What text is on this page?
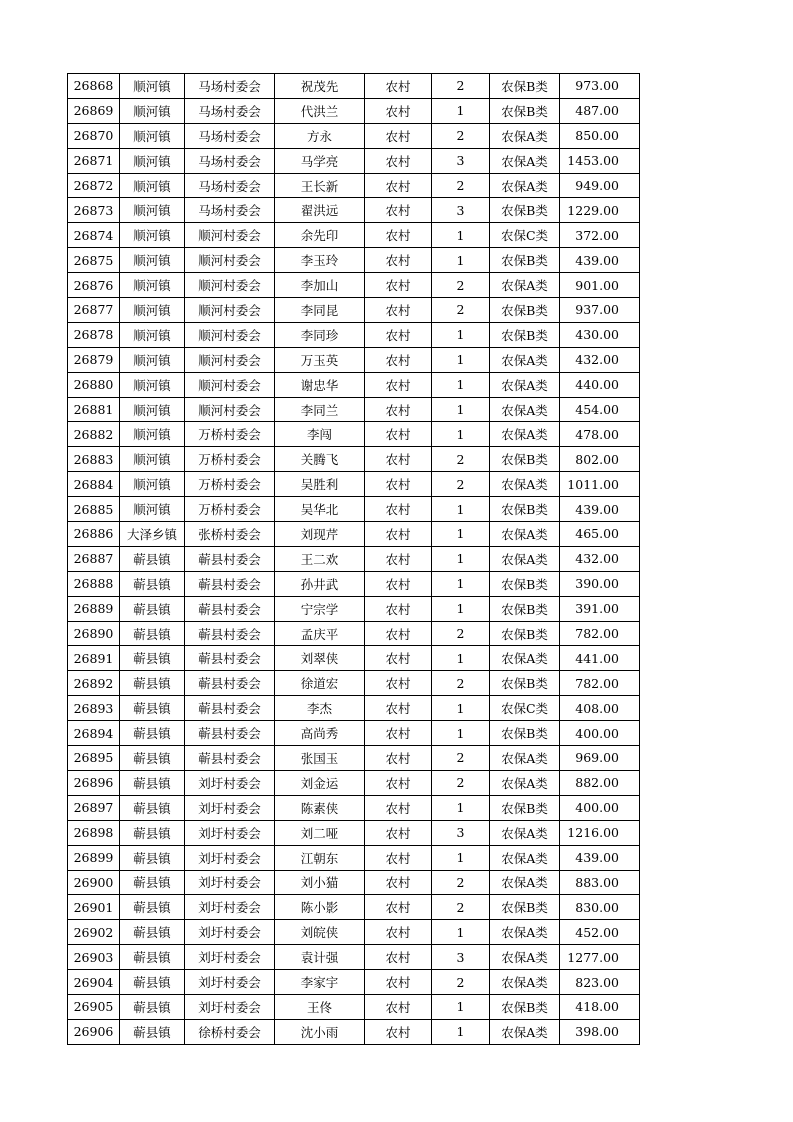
26868	顺河镇	马场村委会	祝茂先	农村	2	农保B类	973.00
26869	顺河镇	马场村委会	代洪兰	农村	1	农保B类	487.00
26870	顺河镇	马场村委会	方永	农村	2	农保A类	850.00
26871	顺河镇	马场村委会	马学亮	农村	3	农保A类	1453.00
26872	顺河镇	马场村委会	王长新	农村	2	农保A类	949.00
26873	顺河镇	马场村委会	翟洪远	农村	3	农保B类	1229.00
26874	顺河镇	顺河村委会	余先印	农村	1	农保C类	372.00
26875	顺河镇	顺河村委会	李玉玲	农村	1	农保B类	439.00
26876	顺河镇	顺河村委会	李加山	农村	2	农保A类	901.00
26877	顺河镇	顺河村委会	李同昆	农村	2	农保B类	937.00
26878	顺河镇	顺河村委会	李同珍	农村	1	农保B类	430.00
26879	顺河镇	顺河村委会	万玉英	农村	1	农保A类	432.00
26880	顺河镇	顺河村委会	谢忠华	农村	1	农保A类	440.00
26881	顺河镇	顺河村委会	李同兰	农村	1	农保A类	454.00
26882	顺河镇	万桥村委会	李闯	农村	1	农保A类	478.00
26883	顺河镇	万桥村委会	关腾飞	农村	2	农保B类	802.00
26884	顺河镇	万桥村委会	吴胜利	农村	2	农保A类	1011.00
26885	顺河镇	万桥村委会	吴华北	农村	1	农保B类	439.00
26886	大泽乡镇	张桥村委会	刘现芹	农村	1	农保A类	465.00
26887	蕲县镇	蕲县村委会	王二欢	农村	1	农保A类	432.00
26888	蕲县镇	蕲县村委会	孙井武	农村	1	农保B类	390.00
26889	蕲县镇	蕲县村委会	宁宗学	农村	1	农保B类	391.00
26890	蕲县镇	蕲县村委会	孟庆平	农村	2	农保B类	782.00
26891	蕲县镇	蕲县村委会	刘翠侠	农村	1	农保A类	441.00
26892	蕲县镇	蕲县村委会	徐道宏	农村	2	农保B类	782.00
26893	蕲县镇	蕲县村委会	李杰	农村	1	农保C类	408.00
26894	蕲县镇	蕲县村委会	高尚秀	农村	1	农保B类	400.00
26895	蕲县镇	蕲县村委会	张国玉	农村	2	农保A类	969.00
26896	蕲县镇	刘圩村委会	刘金运	农村	2	农保A类	882.00
26897	蕲县镇	刘圩村委会	陈素侠	农村	1	农保B类	400.00
26898	蕲县镇	刘圩村委会	刘二哑	农村	3	农保A类	1216.00
26899	蕲县镇	刘圩村委会	江朝东	农村	1	农保A类	439.00
26900	蕲县镇	刘圩村委会	刘小猫	农村	2	农保A类	883.00
26901	蕲县镇	刘圩村委会	陈小影	农村	2	农保B类	830.00
26902	蕲县镇	刘圩村委会	刘皖侠	农村	1	农保A类	452.00
26903	蕲县镇	刘圩村委会	袁计强	农村	3	农保A类	1277.00
26904	蕲县镇	刘圩村委会	李家宇	农村	2	农保A类	823.00
26905	蕲县镇	刘圩村委会	王佟	农村	1	农保B类	418.00
26906	蕲县镇	徐桥村委会	沈小雨	农村	1	农保A类	398.00
